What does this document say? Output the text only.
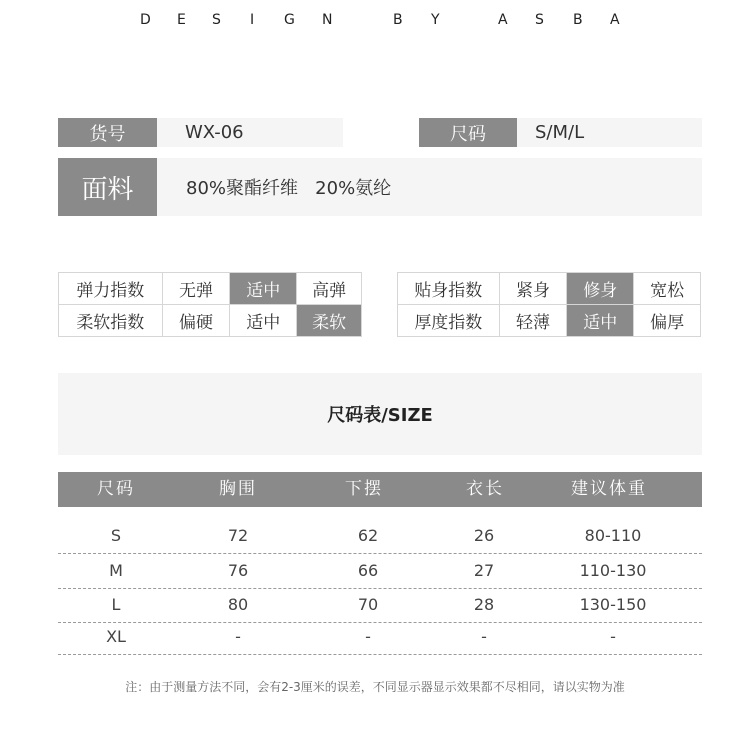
D E S I G N	B Y	A S B A
货号	WX-06	尺码	S/M/L
面料	80%聚酯纤维   20%氨纶
弹力指数	无弹	适中	高弹
柔软指数	偏硬	适中	柔软
贴身指数	紧身	修身	宽松
厚度指数	轻薄	适中	偏厚
尺码表/SIZE
尺码	胸围	下摆	衣长	建议体重
S	72	62	26	80-110
M	76	66	27	110-130
L	80	70	28	130-150
XL	-	-	-	-
注：由于测量方法不同，会有2-3厘米的误差，不同显示器显示效果都不尽相同，请以实物为准
